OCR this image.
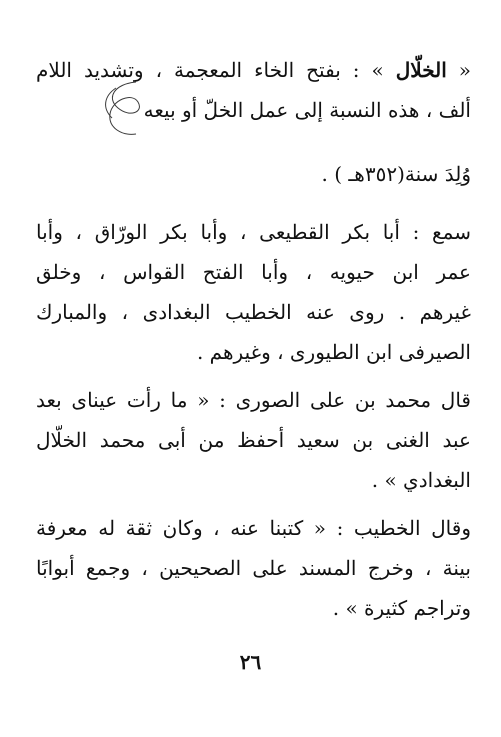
« الخلّال » : بفتح الخاء المعجمة ، وتشديد اللام
ألف ، هذه النسبة إلى عمل الخلّ أو بيعه
وُلِدَ سنة(٣٥٢هـ ) .
سمع : أبا بكر القطيعى ، وأبا بكر الورّاق ، وأبا
عمر ابن حيويه ، وأبا الفتح القواس ، وخلق
غيرهم . روى عنه الخطيب البغدادى ، والمبارك
الصيرفى ابن الطيورى ، وغيرهم .
قال محمد بن على الصورى : « ما رأت عيناى بعد
عبد الغنى بن سعيد أحفظ من أبى محمد الخلّال
البغدادي » .
وقال الخطيب : « كتبنا عنه ، وكان ثقة له معرفة
بينة ، وخرج المسند على الصحيحين ، وجمع أبوابًا
وتراجم كثيرة » .
٢٦
